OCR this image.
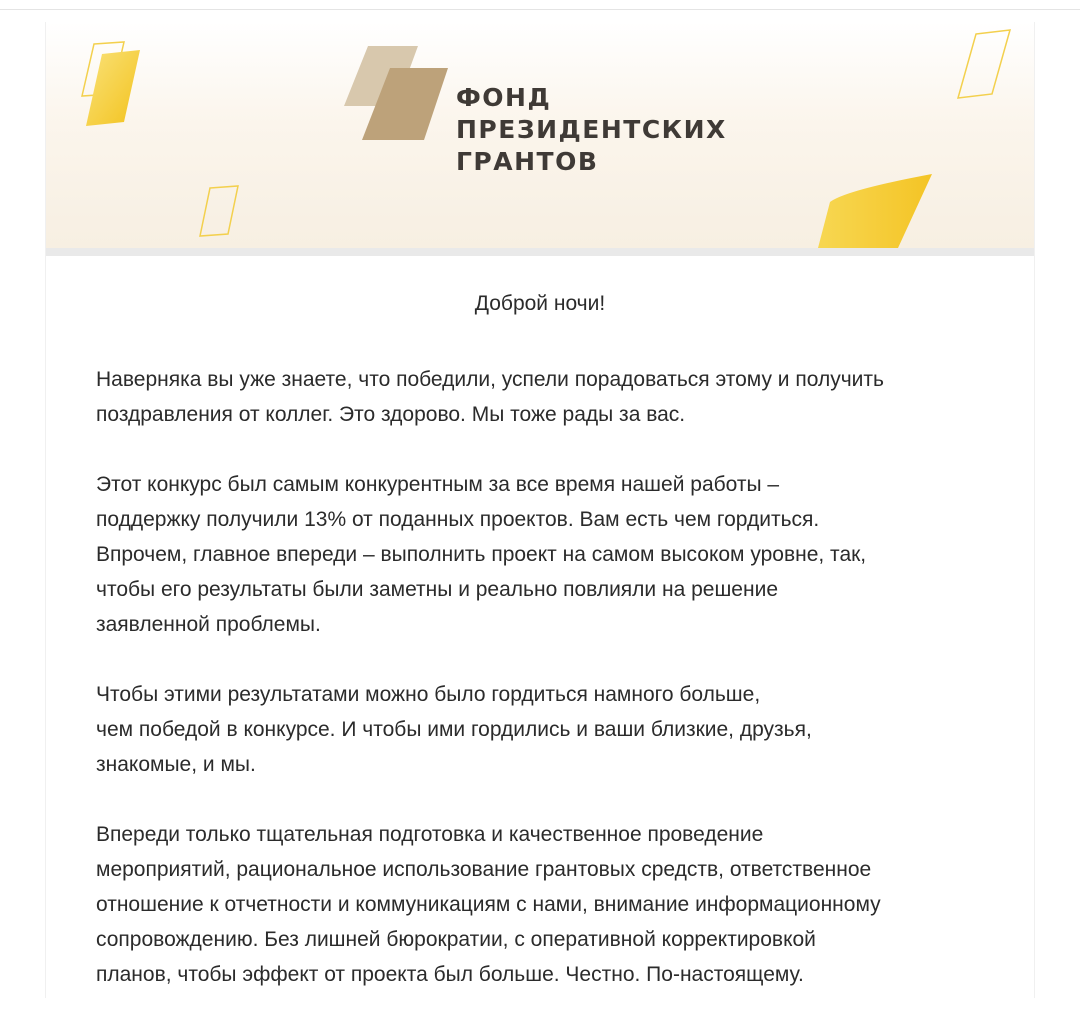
ФОНД
ПРЕЗИДЕНТСКИХ
ГРАНТОВ
Доброй ночи!

Наверняка вы уже знаете, что победили, успели порадоваться этому и получить
поздравления от коллег. Это здорово. Мы тоже рады за вас.

Этот конкурс был самым конкурентным за все время нашей работы –
поддержку получили 13% от поданных проектов. Вам есть чем гордиться.
Впрочем, главное впереди – выполнить проект на самом высоком уровне, так,
чтобы его результаты были заметны и реально повлияли на решение
заявленной проблемы.

Чтобы этими результатами можно было гордиться намного больше,
чем победой в конкурсе. И чтобы ими гордились и ваши близкие, друзья,
знакомые, и мы.

Впереди только тщательная подготовка и качественное проведение
мероприятий, рациональное использование грантовых средств, ответственное
отношение к отчетности и коммуникациям с нами, внимание информационному
сопровождению. Без лишней бюрократии, с оперативной корректировкой
планов, чтобы эффект от проекта был больше. Честно. По-настоящему.
